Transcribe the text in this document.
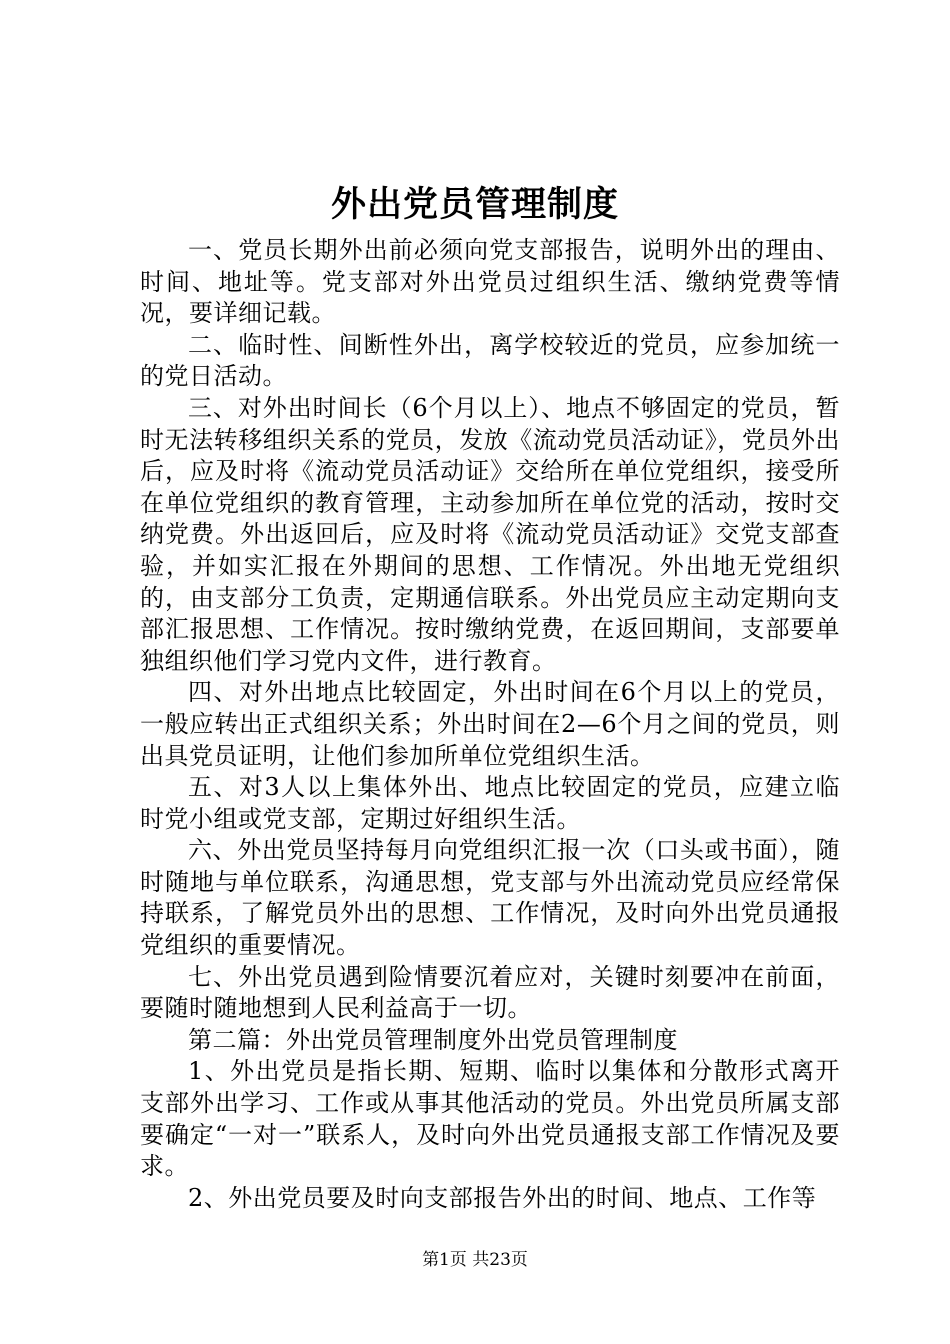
外出党员管理制度

一、党员长期外出前必须向党支部报告，说明外出的理由、时间、地址等。党支部对外出党员过组织生活、缴纳党费等情况，要详细记载。

二、临时性、间断性外出，离学校较近的党员，应参加统一的党日活动。

三、对外出时间长（6个月以上）、地点不够固定的党员，暂时无法转移组织关系的党员，发放《流动党员活动证》，党员外出后，应及时将《流动党员活动证》交给所在单位党组织，接受所在单位党组织的教育管理，主动参加所在单位党的活动，按时交纳党费。外出返回后，应及时将《流动党员活动证》交党支部查验，并如实汇报在外期间的思想、工作情况。外出地无党组织的，由支部分工负责，定期通信联系。外出党员应主动定期向支部汇报思想、工作情况。按时缴纳党费，在返回期间，支部要单独组织他们学习党内文件，进行教育。

四、对外出地点比较固定，外出时间在6个月以上的党员，一般应转出正式组织关系；外出时间在2—6个月之间的党员，则出具党员证明，让他们参加所单位党组织生活。

五、对3人以上集体外出、地点比较固定的党员，应建立临时党小组或党支部，定期过好组织生活。

六、外出党员坚持每月向党组织汇报一次（口头或书面），随时随地与单位联系，沟通思想，党支部与外出流动党员应经常保持联系，了解党员外出的思想、工作情况，及时向外出党员通报党组织的重要情况。

七、外出党员遇到险情要沉着应对，关键时刻要冲在前面，要随时随地想到人民利益高于一切。

第二篇：外出党员管理制度外出党员管理制度

1、外出党员是指长期、短期、临时以集体和分散形式离开支部外出学习、工作或从事其他活动的党员。外出党员所属支部要确定“一对一”联系人，及时向外出党员通报支部工作情况及要求。

2、外出党员要及时向支部报告外出的时间、地点、工作等

第1页 共23页
